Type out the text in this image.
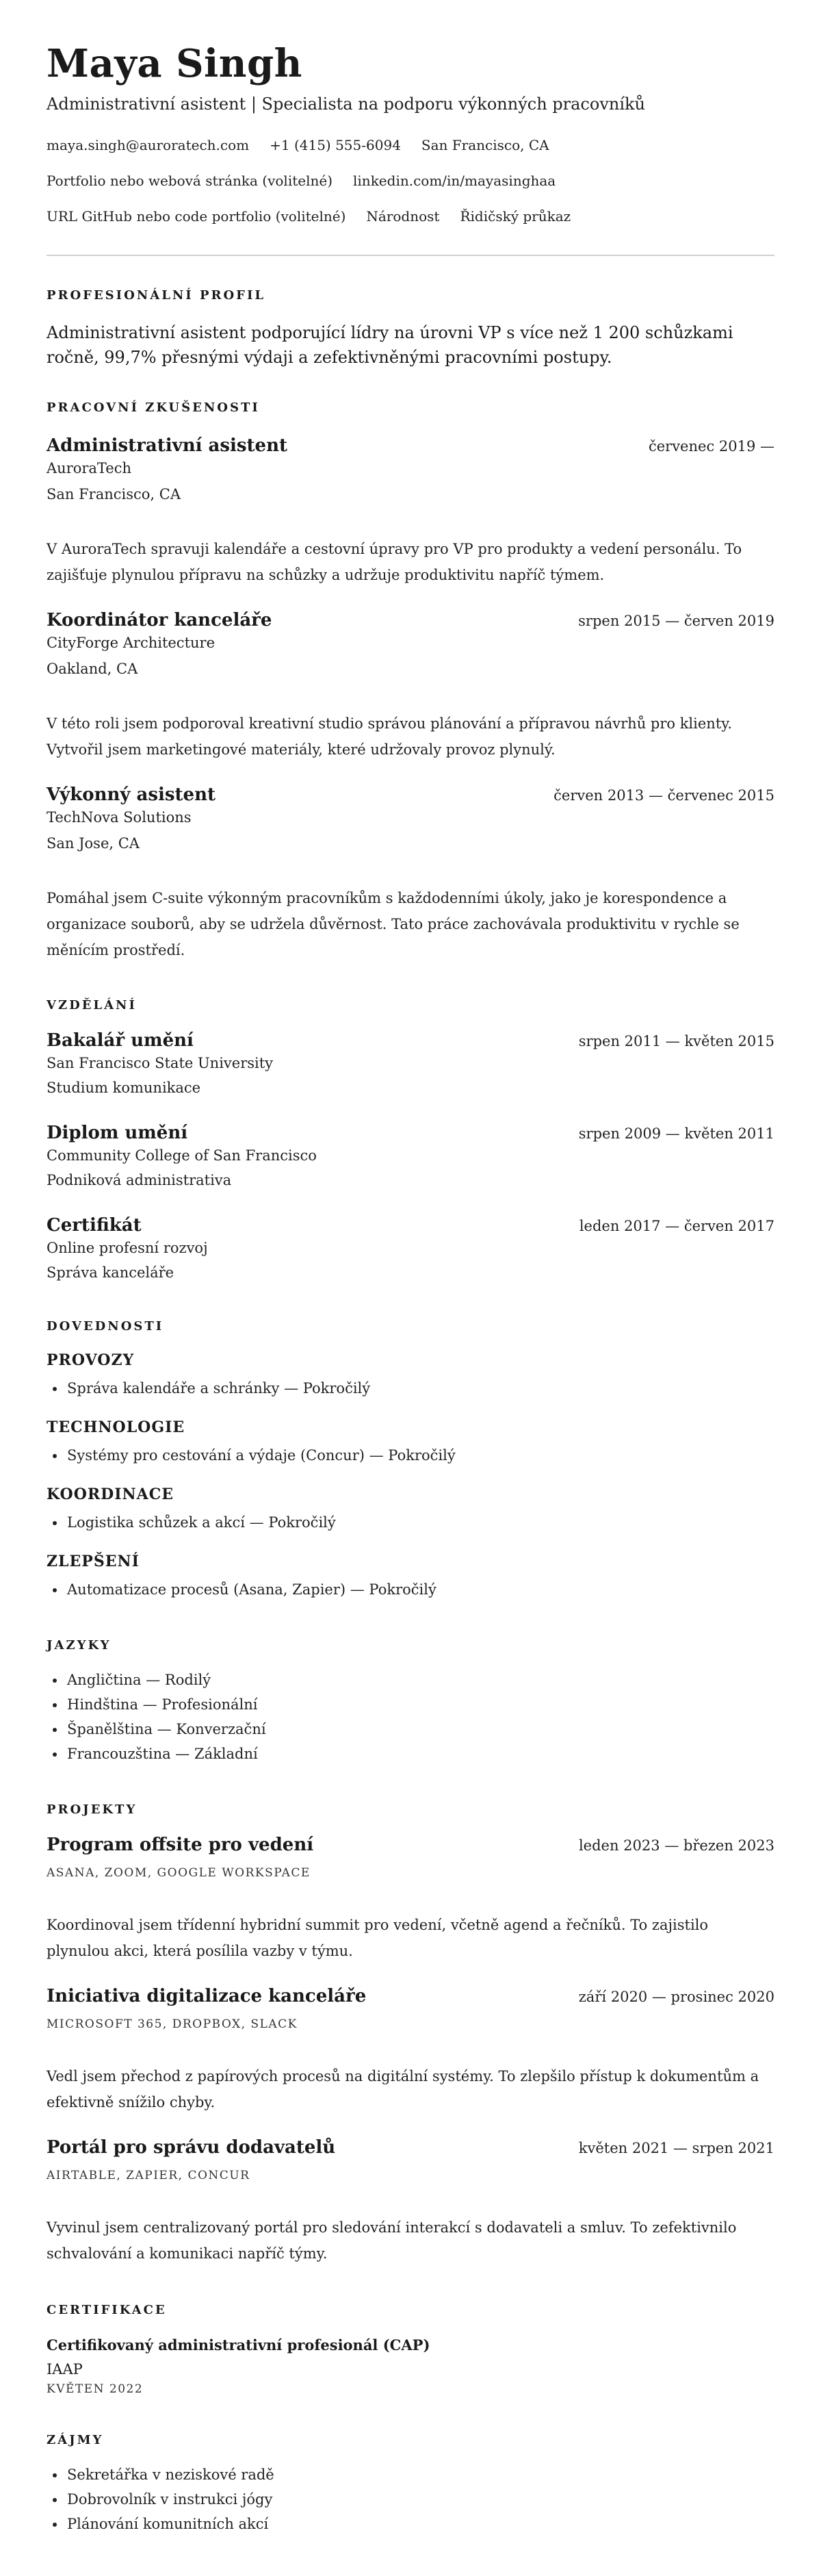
Maya Singh
Administrativní asistent | Specialista na podporu výkonných pracovníků
maya.singh@auroratech.com +1 (415) 555-6094 San Francisco, CA
Portfolio nebo webová stránka (volitelné) linkedin.com/in/mayasinghaa
URL GitHub nebo code portfolio (volitelné) Národnost Řidičský průkaz
PROFESIONÁLNÍ PROFIL
Administrativní asistent podporující lídry na úrovni VP s více než 1 200 schůzkami ročně, 99,7% přesnými výdaji a zefektivněnými pracovními postupy.
PRACOVNÍ ZKUŠENOSTI
Administrativní asistent	červenec 2019 —
AuroraTech
San Francisco, CA
V AuroraTech spravuji kalendáře a cestovní úpravy pro VP pro produkty a vedení personálu. To zajišťuje plynulou přípravu na schůzky a udržuje produktivitu napříč týmem.
Koordinátor kanceláře	srpen 2015 — červen 2019
CityForge Architecture
Oakland, CA
V této roli jsem podporoval kreativní studio správou plánování a přípravou návrhů pro klienty. Vytvořil jsem marketingové materiály, které udržovaly provoz plynulý.
Výkonný asistent	červen 2013 — červenec 2015
TechNova Solutions
San Jose, CA
Pomáhal jsem C-suite výkonným pracovníkům s každodenními úkoly, jako je korespondence a organizace souborů, aby se udržela důvěrnost. Tato práce zachovávala produktivitu v rychle se měnícím prostředí.
VZDĚLÁNÍ
Bakalář umění	srpen 2011 — květen 2015
San Francisco State University
Studium komunikace
Diplom umění	srpen 2009 — květen 2011
Community College of San Francisco
Podniková administrativa
Certifikát	leden 2017 — červen 2017
Online profesní rozvoj
Správa kanceláře
DOVEDNOSTI
PROVOZY
• Správa kalendáře a schránky — Pokročilý
TECHNOLOGIE
• Systémy pro cestování a výdaje (Concur) — Pokročilý
KOORDINACE
• Logistika schůzek a akcí — Pokročilý
ZLEPŠENÍ
• Automatizace procesů (Asana, Zapier) — Pokročilý
JAZYKY
• Angličtina — Rodilý
• Hindština — Profesionální
• Španělština — Konverzační
• Francouzština — Základní
PROJEKTY
Program offsite pro vedení	leden 2023 — březen 2023
ASANA, ZOOM, GOOGLE WORKSPACE
Koordinoval jsem třídenní hybridní summit pro vedení, včetně agend a řečníků. To zajistilo plynulou akci, která posílila vazby v týmu.
Iniciativa digitalizace kanceláře	září 2020 — prosinec 2020
MICROSOFT 365, DROPBOX, SLACK
Vedl jsem přechod z papírových procesů na digitální systémy. To zlepšilo přístup k dokumentům a efektivně snížilo chyby.
Portál pro správu dodavatelů	květen 2021 — srpen 2021
AIRTABLE, ZAPIER, CONCUR
Vyvinul jsem centralizovaný portál pro sledování interakcí s dodavateli a smluv. To zefektivnilo schvalování a komunikaci napříč týmy.
CERTIFIKACE
Certifikovaný administrativní profesionál (CAP)
IAAP
KVĚTEN 2022
ZÁJMY
• Sekretářka v neziskové radě
• Dobrovolník v instrukci jógy
• Plánování komunitních akcí
